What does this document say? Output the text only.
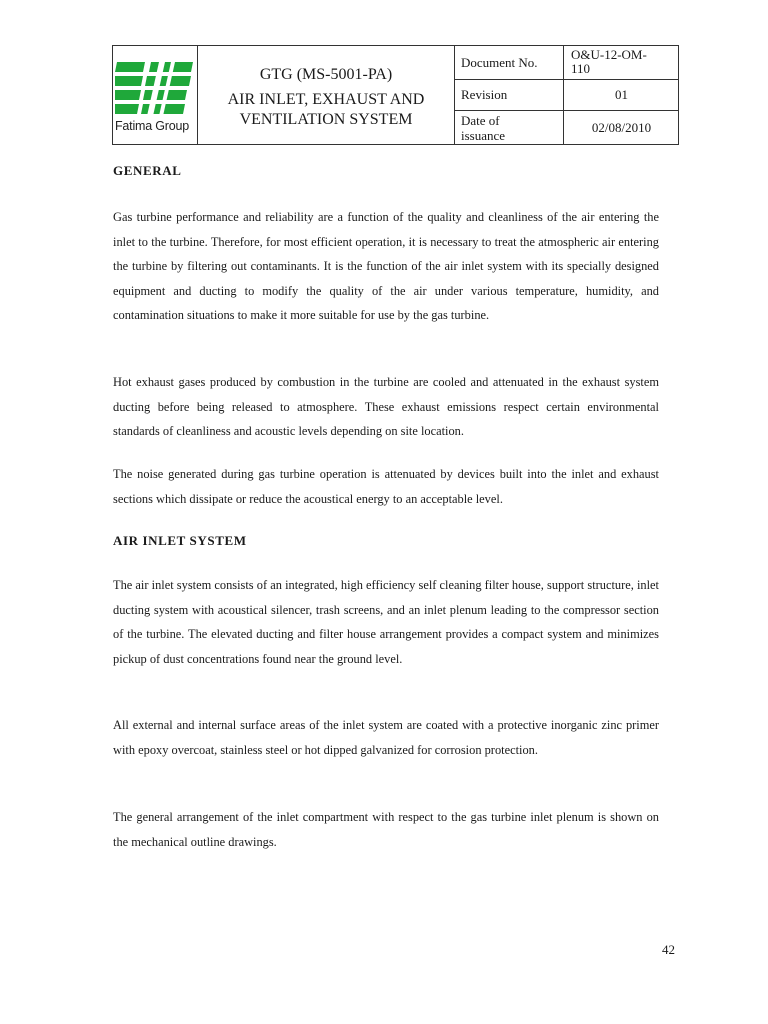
Fatima Group
GTG (MS-5001-PA)
AIR INLET, EXHAUST AND
VENTILATION SYSTEM
Document No.
O&U-12-OM-
110
Revision	01
Date of
issuance
02/08/2010
GENERAL

Gas turbine performance and reliability are a function of the quality and cleanliness of the air entering the inlet to the turbine. Therefore, for most efficient operation, it is necessary to treat the atmospheric air entering the turbine by filtering out contaminants. It is the function of the air inlet system with its specially designed equipment and ducting to modify the quality of the air under various temperature, humidity, and contamination situations to make it more suitable for use by the gas turbine.

Hot exhaust gases produced by combustion in the turbine are cooled and attenuated in the exhaust system ducting before being released to atmosphere. These exhaust emissions respect certain environmental standards of cleanliness and acoustic levels depending on site location.

The noise generated during gas turbine operation is attenuated by devices built into the inlet and exhaust sections which dissipate or reduce the acoustical energy to an acceptable level.

AIR INLET SYSTEM

The air inlet system consists of an integrated, high efficiency self cleaning filter house, support structure, inlet ducting system with acoustical silencer, trash screens, and an inlet plenum leading to the compressor section of the turbine. The elevated ducting and filter house arrangement provides a compact system and minimizes pickup of dust concentrations found near the ground level.

All external and internal surface areas of the inlet system are coated with a protective inorganic zinc primer with epoxy overcoat, stainless steel or hot dipped galvanized for corrosion protection.

The general arrangement of the inlet compartment with respect to the gas turbine inlet plenum is shown on the mechanical outline drawings.

42
